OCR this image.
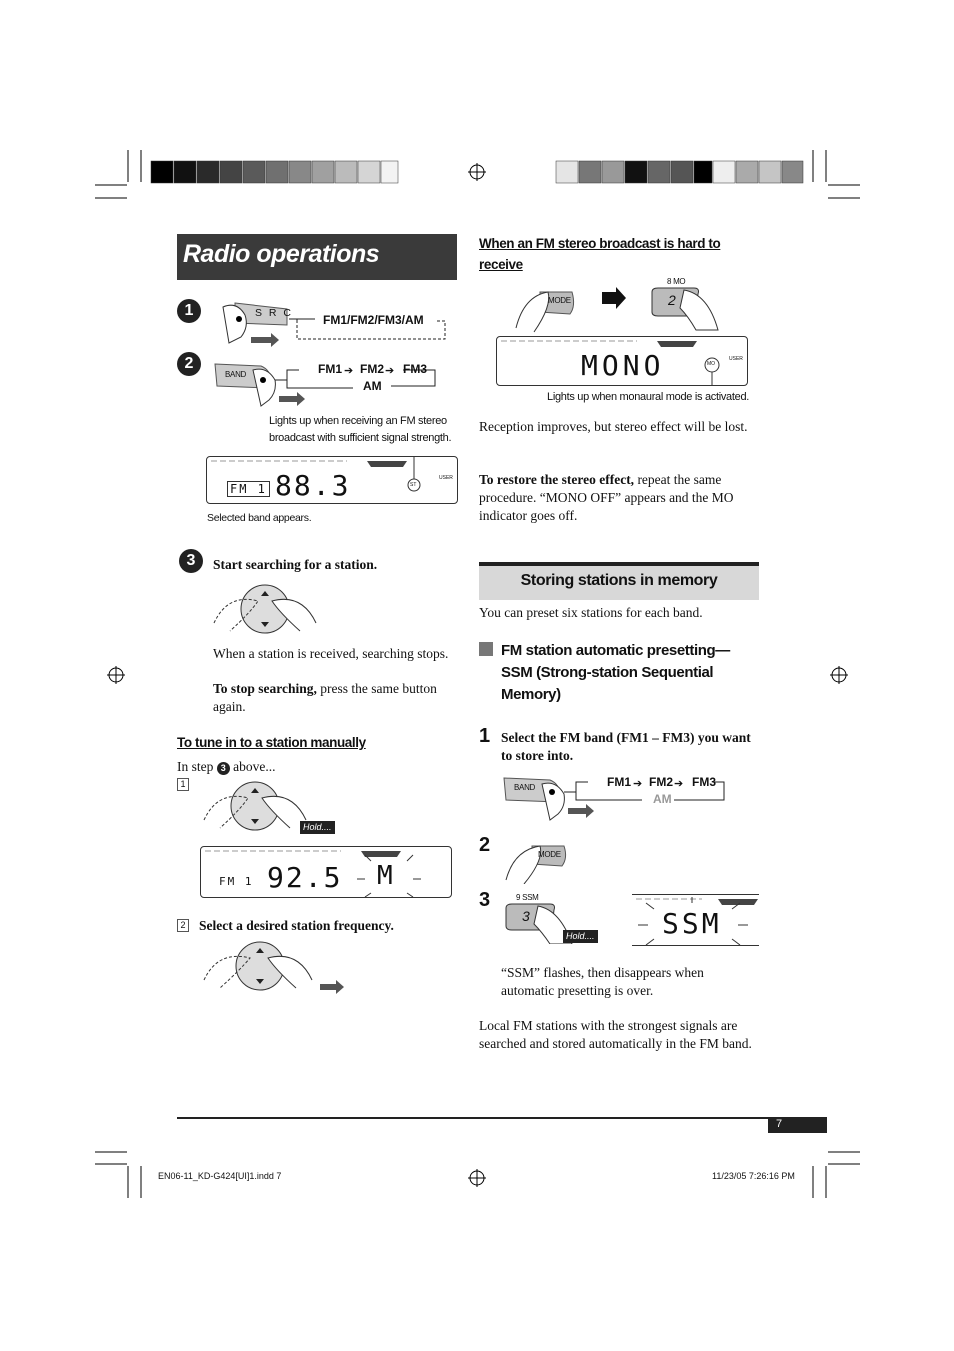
Radio operations
1	S R C FM1/FM2/FM3/AM
2
BAND	FM1 ➔ FM2 ➔ FM3
AM
Lights up when receiving an FM stereo broadcast with sufficient signal strength.
FM 1 88.3	ST
USER
Selected band appears.
3	Start searching for a station.
When a station is received, searching stops.
To stop searching, press the same button again.
To tune in to a station manually
In step 3 above...
1
Hold....
FM 1 92.5 M
2 Select a desired station frequency.
When an FM stereo broadcast is hard to receive
MODE
8 MO
2
MONO	MO
USER
Lights up when monaural mode is activated.
Reception improves, but stereo effect will be lost.
To restore the stereo effect, repeat the same procedure. “MONO OFF” appears and the MO indicator goes off.
Storing stations in memory
You can preset six stations for each band.
FM station automatic presetting— SSM (Strong-station Sequential Memory)
1 Select the FM band (FM1 – FM3) you want to store into.
BAND	FM1 ➔ FM2 ➔ FM3
AM
2	MODE
3	9 SSM
3
Hold.... SSM
“SSM” flashes, then disappears when automatic presetting is over.
Local FM stations with the strongest signals are searched and stored automatically in the FM band.
7
EN06-11_KD-G424[UI]1.indd 7	11/23/05 7:26:16 PM
